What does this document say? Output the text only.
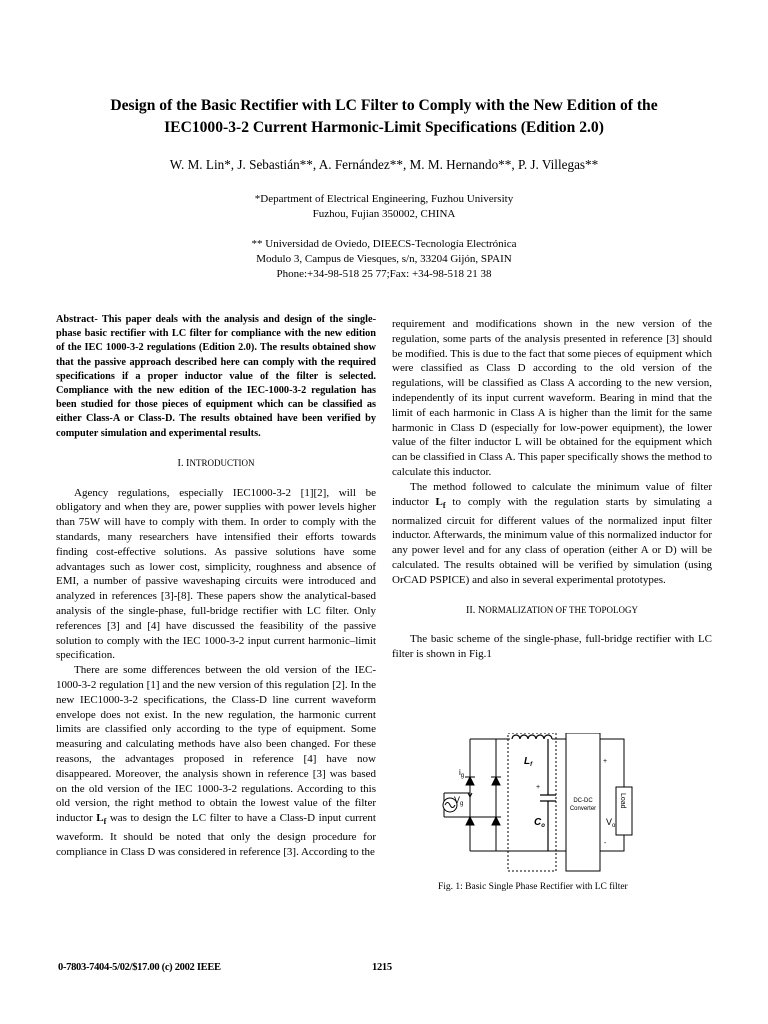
Design of the Basic Rectifier with LC Filter to Comply with the New Edition of the
IEC1000-3-2 Current Harmonic-Limit Specifications (Edition 2.0)
W. M. Lin*, J. Sebastián**, A. Fernández**, M. M. Hernando**, P. J. Villegas**
*Department of Electrical Engineering, Fuzhou University
Fuzhou, Fujian 350002, CHINA
** Universidad de Oviedo, DIEECS-Tecnología Electrónica
Modulo 3, Campus de Viesques, s/n, 33204 Gijón, SPAIN
Phone:+34-98-518 25 77;Fax: +34-98-518 21 38

Abstract- This paper deals with the analysis and design of the single-phase basic rectifier with LC filter for compliance with the new edition of the IEC 1000-3-2 regulations (Edition 2.0). The results obtained show that the passive approach described here can comply with the required specifications if a proper inductor value of the filter is selected. Compliance with the new edition of the IEC-1000-3-2 regulation has been studied for those pieces of equipment which can be classified as either Class-A or Class-D. The results obtained have been verified by computer simulation and experimental results.

I. INTRODUCTION

Agency regulations, especially IEC1000-3-2 [1][2], will be obligatory and when they are, power supplies with power levels higher than 75W will have to comply with them. In order to comply with the standards, many researchers have intensified their efforts towards finding cost-effective solutions. As passive solutions have some advantages such as lower cost, simplicity, roughness and absence of EMI, a number of passive waveshaping circuits were introduced and analyzed in references [3]-[8]. These papers show the analytical-based analysis of the single-phase, full-bridge rectifier with LC filter. Only references [3] and [4] have discussed the feasibility of the passive solution to comply with the IEC 1000-3-2 input current harmonic–limit specification.

There are some differences between the old version of the IEC-1000-3-2 regulation [1] and the new version of this regulation [2]. In the new IEC1000-3-2 specifications, the Class-D line current waveform envelope does not exist. In the new regulation, the harmonic current limits are classified only according to the type of equipment. Some measuring and calculating methods have also been changed. For these reasons, the advantages proposed in reference [4] have now disappeared. Moreover, the analysis shown in reference [3] was based on the old version of the IEC 1000-3-2 regulations. According to this old version, the right method to obtain the lowest value of the filter inductor $L_f$ was to design the LC filter to have a Class-D input current waveform. It should be noted that only the design procedure for compliance in Class D was considered in reference [3]. According to the

requirement and modifications shown in the new version of the regulation, some parts of the analysis presented in reference [3] should be modified. This is due to the fact that some pieces of equipment which were classified as Class D according to the old version of the regulations, will be classified as Class A according to the new version, independently of its input current waveform. Bearing in mind that the limit of each harmonic in Class A is higher than the limit for the same harmonic in Class D (especially for low-power equipment), the lower value of the filter inductor L will be obtained for the equipment which can be classified in Class A. This paper specifically shows the method to calculate this inductor.

The method followed to calculate the minimum value of filter inductor $L_f$ to comply with the regulation starts by simulating a normalized circuit for different values of the normalized input filter inductor. Afterwards, the minimum value of this normalized inductor for any power level and for any class of operation (either A or D) will be calculated. The results obtained will be verified by simulation (using OrCAD PSPICE) and also in several experimental prototypes.

II. NORMALIZATION OF THE TOPOLOGY

The basic scheme of the single-phase, full-bridge rectifier with LC filter is shown in Fig.1

$L_f$
$C_o$
$i_g$
$V_g$	DC-DC
Converter
$V_o$
Load
+
-
+
Fig. 1: Basic Single Phase Rectifier with LC filter
0-7803-7404-5/02/$17.00 (c) 2002 IEEE	1215
